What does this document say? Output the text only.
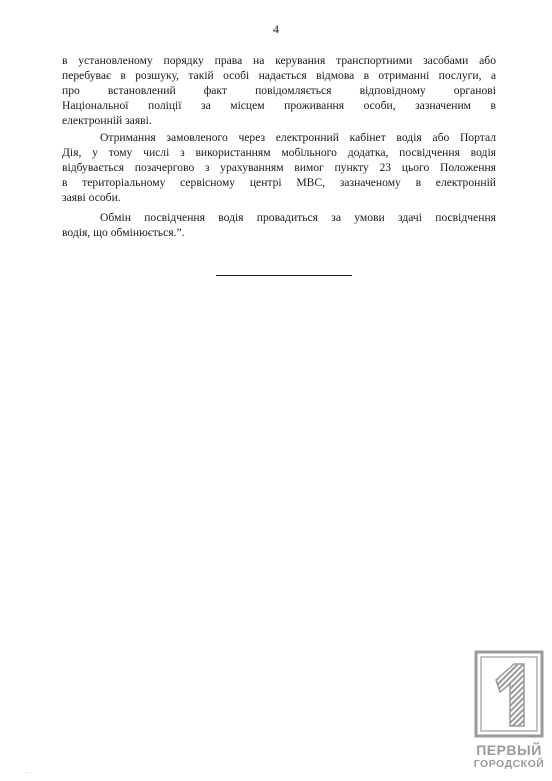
4
в установленому порядку права на керування транспортними засобами або
перебуває в розшуку, такій особі надається відмова в отриманні послуги, а
про встановлений факт повідомляється відповідному органові
Національної поліції за місцем проживання особи, зазначеним в
електронній заяві.
Отримання замовленого через електронний кабінет водія або Портал
Дія, у тому числі з використанням мобільного додатка, посвідчення водія
відбувається позачергово з урахуванням вимог пункту 23 цього Положення
в територіальному сервісному центрі МВС, зазначеному в електронній
заяві особи.
Обмін посвідчення водія провадиться за умови здачі посвідчення
водія, що обмінюється.”.
ПЕРВЫЙ
ГОРОДСКОЙ
· ·
